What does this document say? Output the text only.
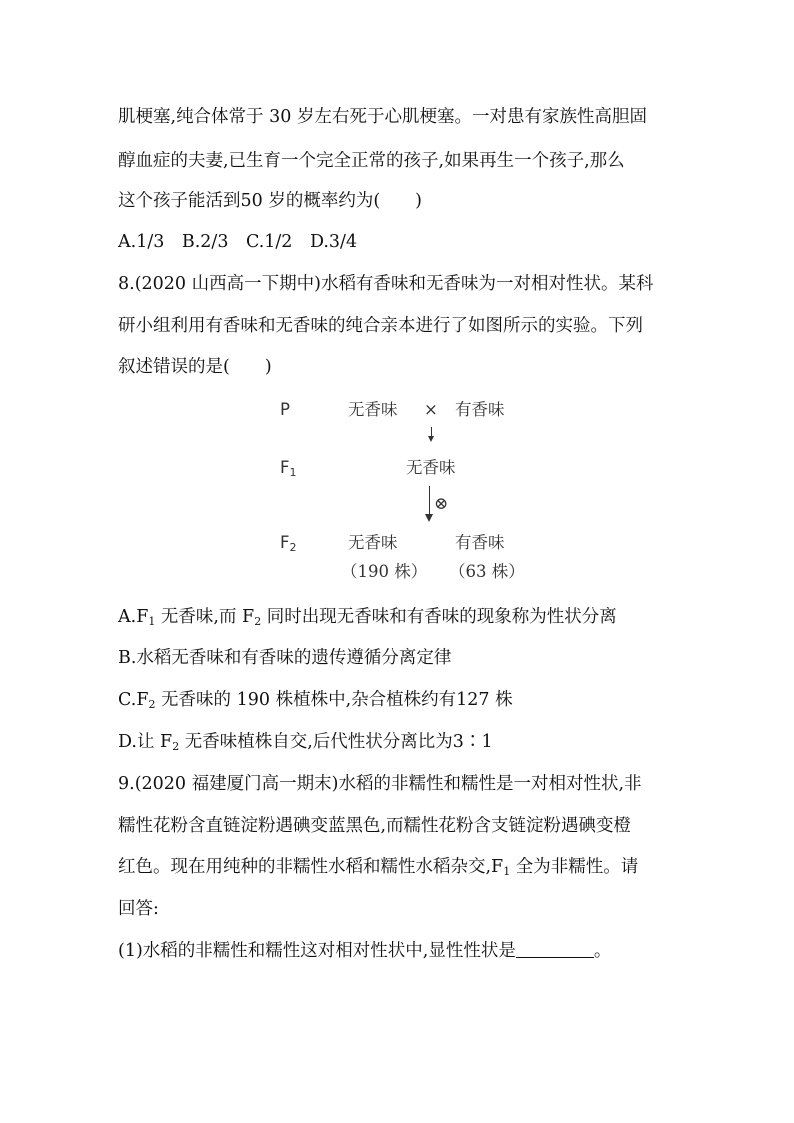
肌梗塞,纯合体常于 30 岁左右死于心肌梗塞。一对患有家族性高胆固
醇血症的夫妻,已生育一个完全正常的孩子,如果再生一个孩子,那么
这个孩子能活到50 岁的概率约为(　　)
A.1/3　B.2/3　C.1/2　D.3/4
8.(2020 山西高一下期中)水稻有香味和无香味为一对相对性状。某科
研小组利用有香味和无香味的纯合亲本进行了如图所示的实验。下列
叙述错误的是(　　)
P	无香味 × 有香味
$F_1$	无香味
⊗
$F_2$	无香味	有香味
（190 株） （63 株）
$A.F_1$ 无香味,而 $F_2$ 同时出现无香味和有香味的现象称为性状分离
B.水稻无香味和有香味的遗传遵循分离定律
$C.F_2$ 无香味的 190 株植株中,杂合植株约有127 株
D.让 $F_2$ 无香味植株自交,后代性状分离比为3∶1
9.(2020 福建厦门高一期末)水稻的非糯性和糯性是一对相对性状,非
糯性花粉含直链淀粉遇碘变蓝黑色,而糯性花粉含支链淀粉遇碘变橙
红色。现在用纯种的非糯性水稻和糯性水稻杂交$,F_1$ 全为非糯性。请
回答:
(1)水稻的非糯性和糯性这对相对性状中,显性性状是	。
